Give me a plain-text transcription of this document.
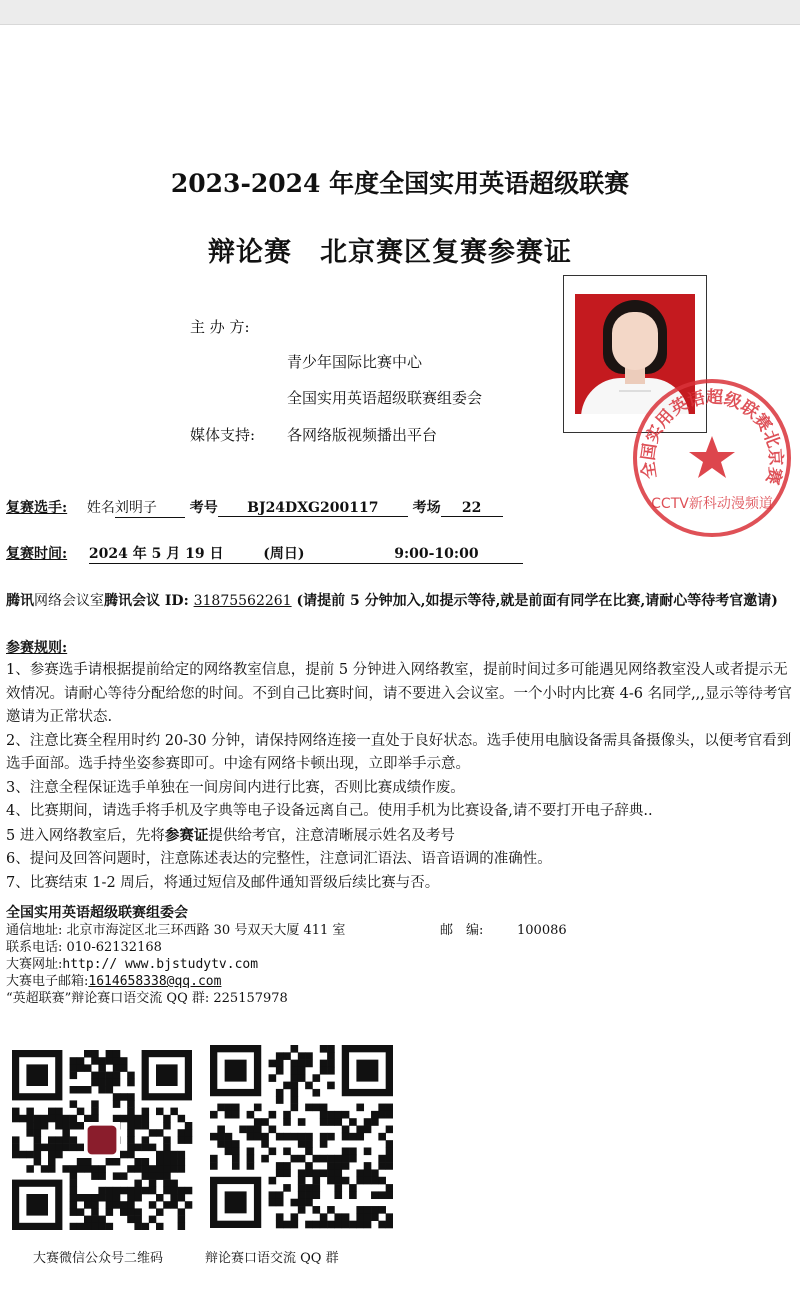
2023-2024 年度全国实用英语超级联赛
辩论赛　北京赛区复赛参赛证
主 办 方:
青少年国际比赛中心
全国实用英语超级联赛组委会
媒体支持: 各网络版视频播出平台
全国实用英语超级联赛北京赛
CCTV新科动漫频道
复赛选手: 姓名刘明子 考号 BJ24DXG200117 考场 22
复赛时间: 2024 年 5 月 19 日	(周日)	9:00-10:00
腾讯网络会议室腾讯会议 ID: 31875562261 (请提前 5 分钟加入,如提示等待,就是前面有同学在比赛,请耐心等待考官邀请)
参赛规则:
1、参赛选手请根据提前给定的网络教室信息，提前 5 分钟进入网络教室，提前时间过多可能遇见网络教室没人或者提示无效情况。请耐心等待分配给您的时间。不到自己比赛时间，请不要进入会议室。一个小时内比赛 4-6 名同学,,,显示等待考官邀请为正常状态.
2、注意比赛全程用时约 20-30 分钟，请保持网络连接一直处于良好状态。选手使用电脑设备需具备摄像头，以便考官看到选手面部。选手持坐姿参赛即可。中途有网络卡顿出现，立即举手示意。
3、注意全程保证选手单独在一间房间内进行比赛，否则比赛成绩作废。
4、比赛期间，请选手将手机及字典等电子设备远离自己。使用手机为比赛设备,请不要打开电子辞典..
5 进入网络教室后，先将参赛证提供给考官，注意清晰展示姓名及考号
6、提问及回答问题时，注意陈述表达的完整性，注意词汇语法、语音语调的准确性。
7、比赛结束 1-2 周后，将通过短信及邮件通知晋级后续比赛与否。
全国实用英语超级联赛组委会
通信地址: 北京市海淀区北三环西路 30 号双天大厦 411 室	邮　编:	100086
联系电话: 010-62132168
大赛网址:http:// www.bjstudytv.com
大赛电子邮箱:1614658338@qq.com
“英超联赛”辩论赛口语交流 QQ 群: 225157978
大赛微信公众号二维码	辩论赛口语交流 QQ 群
